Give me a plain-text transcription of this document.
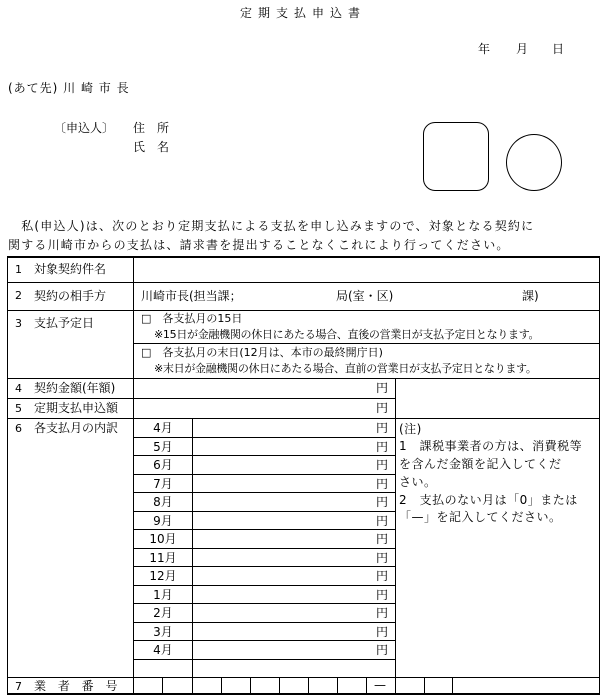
定期支払申込書
年 月 日
(あて先) 川 崎 市 長
〔申込人〕 住　所
氏　名
　私(申込人)は、次のとおり定期支払による支払を申し込みますので、対象となる契約に
関する川崎市からの支払は、請求書を提出することなくこれにより行ってください。
1 対象契約件名
2 契約の相手方	川崎市長(担当課；	局(室・区)	課)
3 支払予定日	□　各支払月の15日
※15日が金融機関の休日にあたる場合、直後の営業日が支払予定日となります。
□　各支払月の末日(12月は、本市の最終開庁日)
※末日が金融機関の休日にあたる場合、直前の営業日が支払予定日となります。
4 契約金額(年額)	円
5 定期支払申込額	円
6 各支払月の内訳	4月	円
5月	円
6月	円
7月	円
8月	円
9月	円
10月	円
11月	円
12月	円
1月	円
2月	円
3月	円
4月	円
(注)
1　課税事業者の方は、消費税等
を含んだ金額を記入してくだ
さい。
2　支払のない月は「0」または
「—」を記入してください。
7 業 者 番 号	—
